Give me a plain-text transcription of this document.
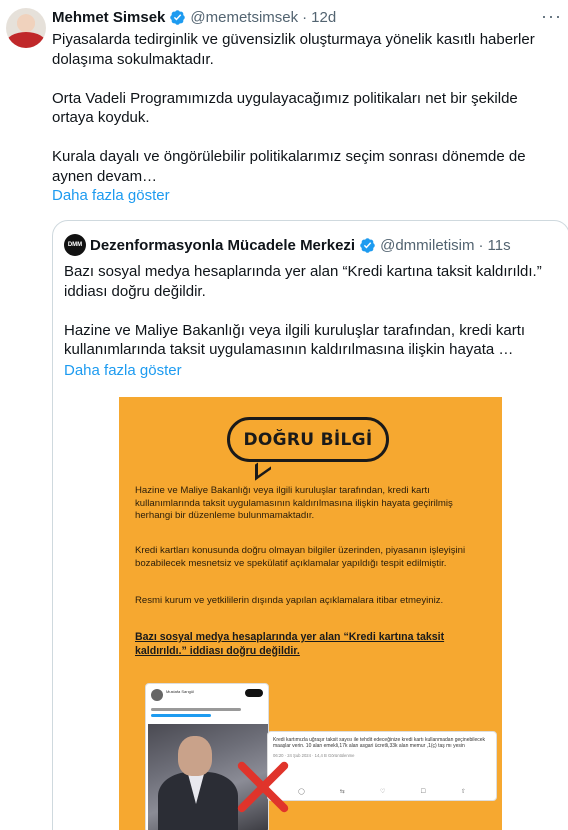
Mehmet Simsek @memetsimsek · 12d	···

Piyasalarda tedirginlik ve güvensizlik oluşturmaya yönelik kasıtlı haberler dolaşıma sokulmaktadır.

Orta Vadeli Programımızda uygulayacağımız politikaları net bir şekilde ortaya koyduk.

Kurala dayalı ve öngörülebilir politikalarımız seçim sonrası dönemde de aynen devam…

Daha fazla göster
DMM Dezenformasyonla Mücadele Merkezi @dmmiletisim · 11s

Bazı sosyal medya hesaplarında yer alan “Kredi kartına taksit kaldırıldı.” iddiası doğru değildir.

Hazine ve Maliye Bakanlığı veya ilgili kuruluşlar tarafından, kredi kartı kullanımlarında taksit uygulamasının kaldırılmasına ilişkin hayata …

Daha fazla göster
DOĞRU BİLGİ
Hazine ve Maliye Bakanlığı veya ilgili kuruluşlar tarafından, kredi kartı kullanımlarında taksit uygulamasının kaldırılmasına ilişkin hayata geçirilmiş herhangi bir düzenleme bulunmamaktadır.
Kredi kartları konusunda doğru olmayan bilgiler üzerinden, piyasanın işleyişini bozabilecek mesnetsiz ve spekülatif açıklamalar yapıldığı tespit edilmiştir.
Resmi kurum ve yetkililerin dışında yapılan açıklamalara itibar etmeyiniz.
Bazı sosyal medya hesaplarında yer alan “Kredi kartına taksit kaldırıldı.” iddiası doğru değildir.
Mustafa Sarıgül
Kredi kartımızla uğraşır taksit sayısı ile tehdit edeceğinize kredi kartı kullanmadan geçinebilecek maaşlar verin. 10 alan emekli,17k alan asgari ücretli,33k alan memur ,1(ç) taş mı yesin
06:20 · 24 Şub 2024 · 14,4 B Görüntülenme
◯	⇆	♡	☐	⇧
